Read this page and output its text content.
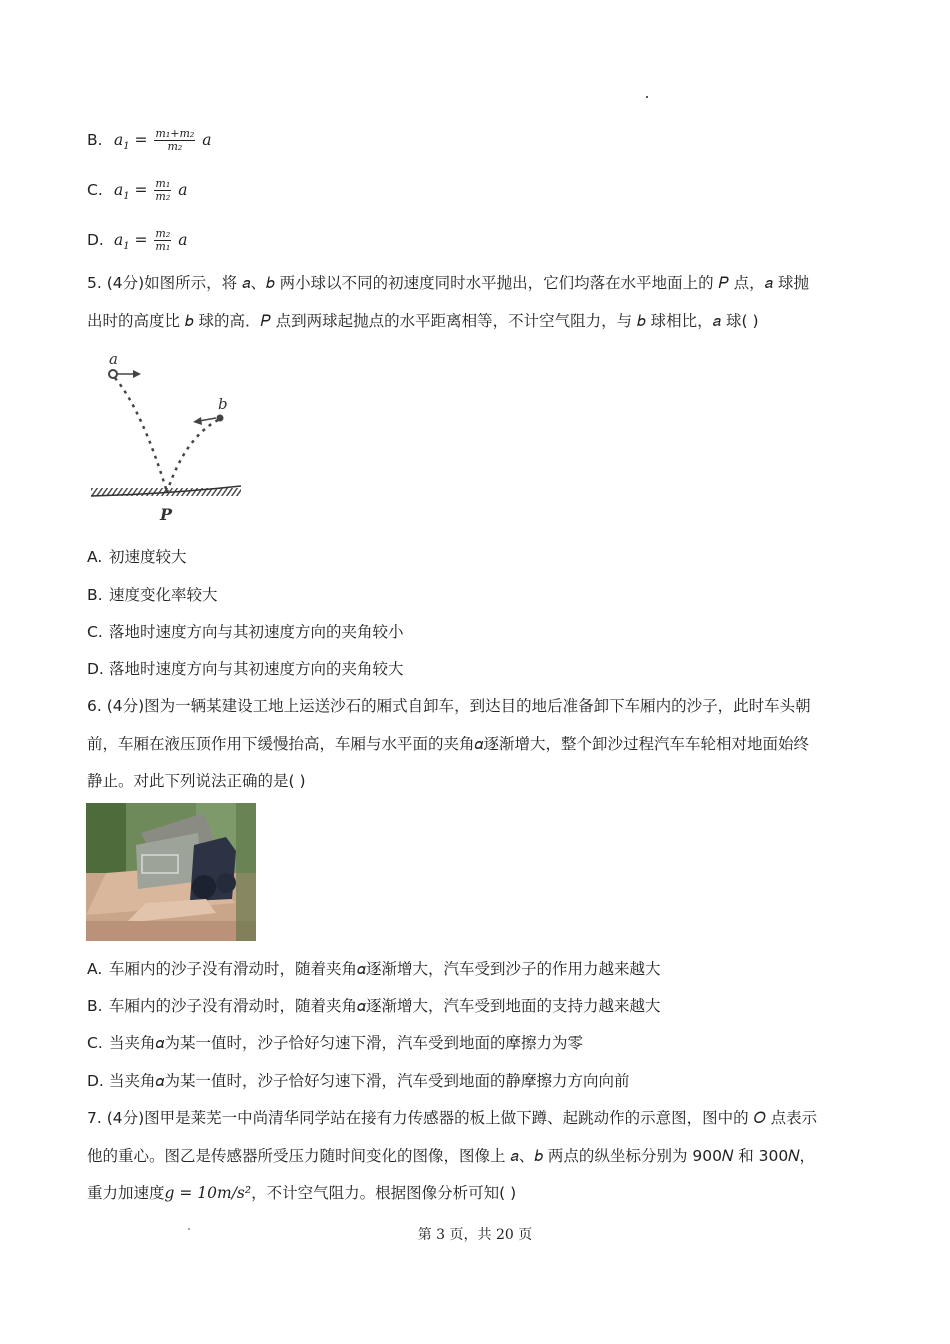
B. $a_1 = \frac{\text{m₁+m₂}}{\text{m₂}}$ a
C. $a_1 = \frac{\text{m₁}}{\text{m₂}}$ a
D. $a_1 = \frac{\text{m₂}}{\text{m₁}}$ a
5. (4分)如图所示，将 𝑎、𝑏 两小球以不同的初速度同时水平抛出，它们均落在水平地面上的 𝑃 点，𝑎 球抛
出时的高度比 𝑏 球的高．𝑃 点到两球起抛点的水平距离相等，不计空气阻力，与 𝑏 球相比，𝑎 球( )
a
b
P
A. 初速度较大
B. 速度变化率较大
C. 落地时速度方向与其初速度方向的夹角较小
D. 落地时速度方向与其初速度方向的夹角较大
6. (4分)图为一辆某建设工地上运送沙石的厢式自卸车，到达目的地后准备卸下车厢内的沙子，此时车头朝
前，车厢在液压顶作用下缓慢抬高，车厢与水平面的夹角𝛼逐渐增大，整个卸沙过程汽车车轮相对地面始终
静止。对此下列说法正确的是( )
A. 车厢内的沙子没有滑动时，随着夹角𝛼逐渐增大，汽车受到沙子的作用力越来越大
B. 车厢内的沙子没有滑动时，随着夹角𝛼逐渐增大，汽车受到地面的支持力越来越大
C. 当夹角𝛼为某一值时，沙子恰好匀速下滑，汽车受到地面的摩擦力为零
D. 当夹角𝛼为某一值时，沙子恰好匀速下滑，汽车受到地面的静摩擦力方向向前
7. (4分)图甲是莱芜一中尚清华同学站在接有力传感器的板上做下蹲、起跳动作的示意图，图中的 𝑂 点表示
他的重心。图乙是传感器所受压力随时间变化的图像，图像上 𝑎、𝑏 两点的纵坐标分别为 900𝑁 和 300𝑁，
重力加速度𝑔 = 10𝑚/𝑠²，不计空气阻力。根据图像分析可知( )
第 3 页，共 20 页
